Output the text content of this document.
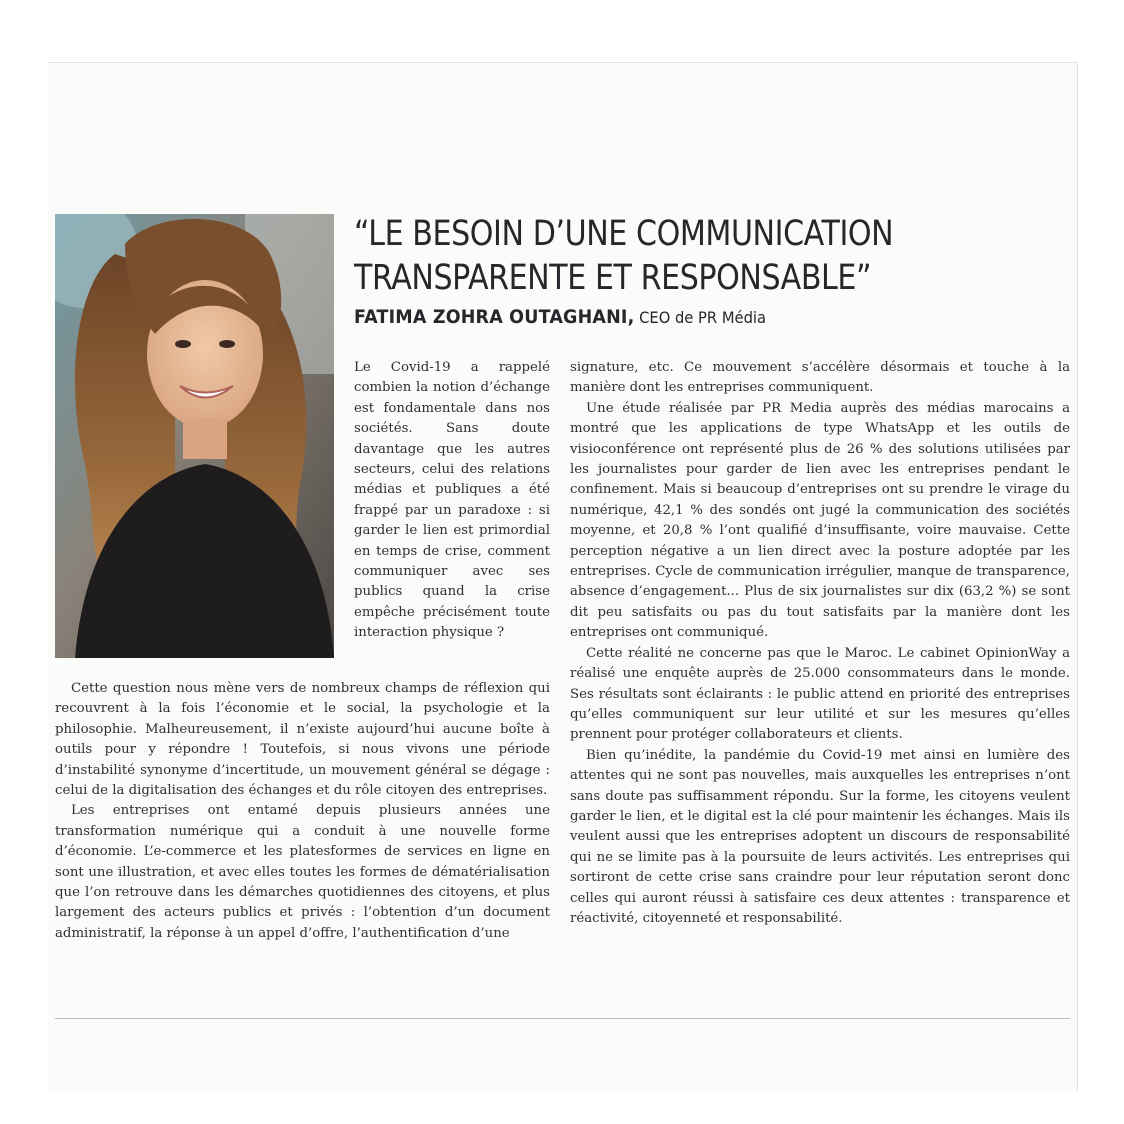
“LE BESOIN D’UNE COMMUNICATION
TRANSPARENTE ET RESPONSABLE”
FATIMA ZOHRA OUTAGHANI, CEO de PR Média

Le Covid-19 a rappelé combien la notion d’échange est fondamentale dans nos sociétés. Sans doute davantage que les autres secteurs, celui des relations médias et publiques a été frappé par un paradoxe : si garder le lien est primordial en temps de crise, comment communiquer avec ses publics quand la crise empêche précisément toute interaction physique ?

Cette question nous mène vers de nombreux champs de réflexion qui recouvrent à la fois l’économie et le social, la psychologie et la philosophie. Malheureusement, il n’existe aujourd’hui aucune boîte à outils pour y répondre ! Toutefois, si nous vivons une période d’instabilité synonyme d’incertitude, un mouvement général se dégage : celui de la digitalisation des échanges et du rôle citoyen des entreprises.

Les entreprises ont entamé depuis plusieurs années une transformation numérique qui a conduit à une nouvelle forme d’économie. L’e-commerce et les platesformes de services en ligne en sont une illustration, et avec elles toutes les formes de dématérialisation que l’on retrouve dans les démarches quotidiennes des citoyens, et plus largement des acteurs publics et privés : l’obtention d’un document administratif, la réponse à un appel d’offre, l’authentification d’une

signature, etc. Ce mouvement s’accélère désormais et touche à la manière dont les entreprises communiquent.

Une étude réalisée par PR Media auprès des médias marocains a montré que les applications de type WhatsApp et les outils de visioconférence ont représenté plus de 26 % des solutions utilisées par les journalistes pour garder de lien avec les entreprises pendant le confinement. Mais si beaucoup d’entreprises ont su prendre le virage du numérique, 42,1 % des sondés ont jugé la communication des sociétés moyenne, et 20,8 % l’ont qualifié d’insuffisante, voire mauvaise. Cette perception négative a un lien direct avec la posture adoptée par les entreprises. Cycle de communication irrégulier, manque de transparence, absence d’engagement... Plus de six journalistes sur dix (63,2 %) se sont dit peu satisfaits ou pas du tout satisfaits par la manière dont les entreprises ont communiqué.

Cette réalité ne concerne pas que le Maroc. Le cabinet OpinionWay a réalisé une enquête auprès de 25.000 consommateurs dans le monde. Ses résultats sont éclairants : le public attend en priorité des entreprises qu’elles communiquent sur leur utilité et sur les mesures qu’elles prennent pour protéger collaborateurs et clients.

Bien qu’inédite, la pandémie du Covid-19 met ainsi en lumière des attentes qui ne sont pas nouvelles, mais auxquelles les entreprises n’ont sans doute pas suffisamment répondu. Sur la forme, les citoyens veulent garder le lien, et le digital est la clé pour maintenir les échanges. Mais ils veulent aussi que les entreprises adoptent un discours de responsabilité qui ne se limite pas à la poursuite de leurs activités. Les entreprises qui sortiront de cette crise sans craindre pour leur réputation seront donc celles qui auront réussi à satisfaire ces deux attentes : transparence et réactivité, citoyenneté et responsabilité.
